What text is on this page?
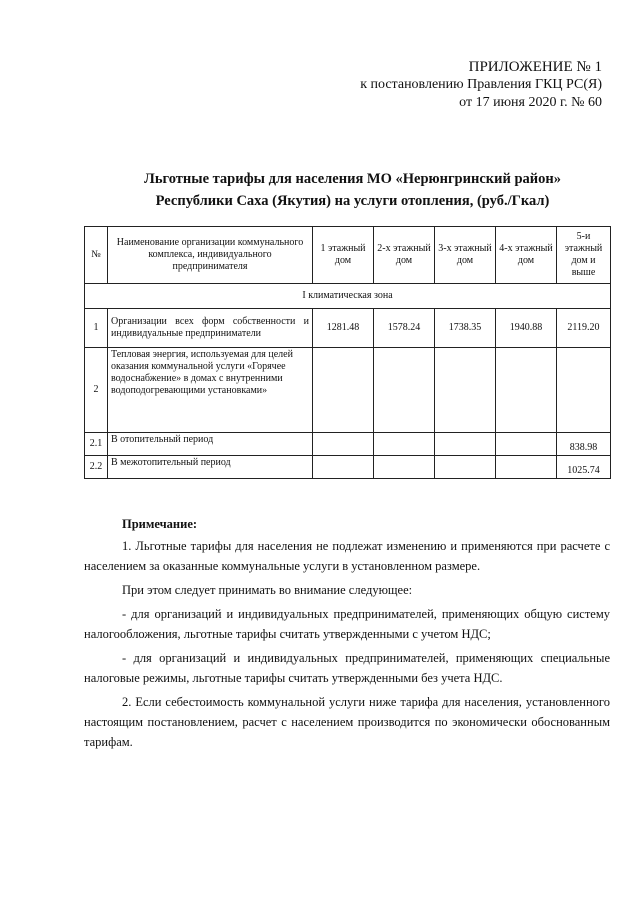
ПРИЛОЖЕНИЕ № 1
к постановлению Правления ГКЦ РС(Я)
от 17 июня 2020 г. № 60
Льготные тарифы для населения МО «Нерюнгринский район»
Республики Саха (Якутия) на услуги отопления, (руб./Гкал)
№	Наименование организации коммунального комплекса, индивидуального предпринимателя	1 этажный дом	2-х этажный дом	3-х этажный дом	4-х этажный дом	5-и этажный дом и выше
I климатическая зона						
1	Организации всех форм собственности и индивидуальные предприниматели	1281.48	1578.24	1738.35	1940.88	2119.20
2	Тепловая энергия, используемая для целей оказания коммунальной услуги «Горячее водоснабжение» в домах с внутренними водоподогревающими установками»					
2.1	В отопительный период					838.98
2.2	В межотопительный период					1025.74
Примечание:

1. Льготные тарифы для населения не подлежат изменению и применяются при расчете с населением за оказанные коммунальные услуги в установленном размере.

При этом следует принимать во внимание следующее:

- для организаций и индивидуальных предпринимателей, применяющих общую систему налогообложения, льготные тарифы считать утвержденными с учетом НДС;

- для организаций и индивидуальных предпринимателей, применяющих специальные налоговые режимы, льготные тарифы считать утвержденными без учета НДС.

2. Если себестоимость коммунальной услуги ниже тарифа для населения, установленного настоящим постановлением, расчет с населением производится по экономически обоснованным тарифам.
